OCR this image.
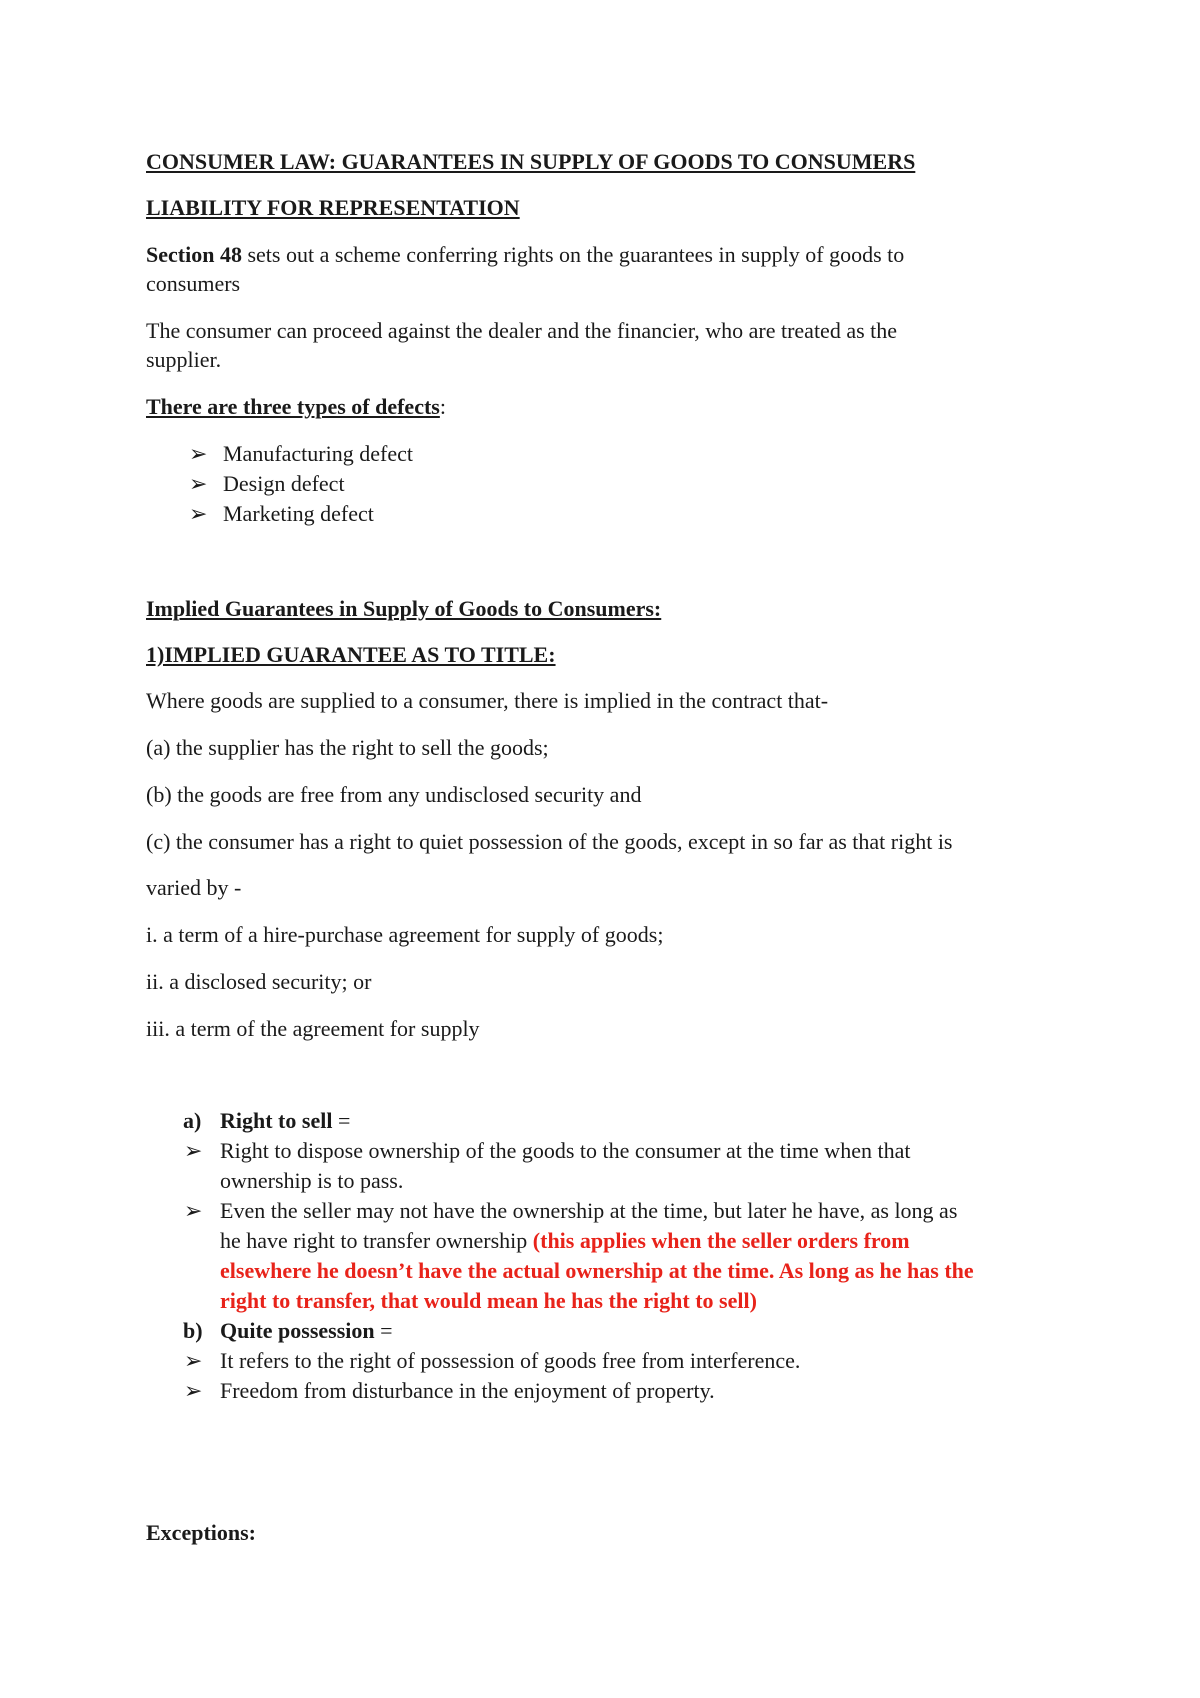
CONSUMER LAW: GUARANTEES IN SUPPLY OF GOODS TO CONSUMERS

LIABILITY FOR REPRESENTATION

Section 48 sets out a scheme conferring rights on the guarantees in supply of goods to

consumers

The consumer can proceed against the dealer and the financier, who are treated as the

supplier.

There are three types of defects:

➢ Manufacturing defect
➢ Design defect
➢ Marketing defect

Implied Guarantees in Supply of Goods to Consumers:

1)IMPLIED GUARANTEE AS TO TITLE:

Where goods are supplied to a consumer, there is implied in the contract that-

(a) the supplier has the right to sell the goods;

(b) the goods are free from any undisclosed security and

(c) the consumer has a right to quiet possession of the goods, except in so far as that right is

varied by -

i. a term of a hire-purchase agreement for supply of goods;

ii. a disclosed security; or

iii. a term of the agreement for supply

a) Right to sell =
➢ Right to dispose ownership of the goods to the consumer at the time when that

ownership is to pass.

➢ Even the seller may not have the ownership at the time, but later he have, as long as

he have right to transfer ownership (this applies when the seller orders from

elsewhere he doesn’t have the actual ownership at the time. As long as he has the

right to transfer, that would mean he has the right to sell)

b) Quite possession =
➢ It refers to the right of possession of goods free from interference.
➢ Freedom from disturbance in the enjoyment of property.

Exceptions:
